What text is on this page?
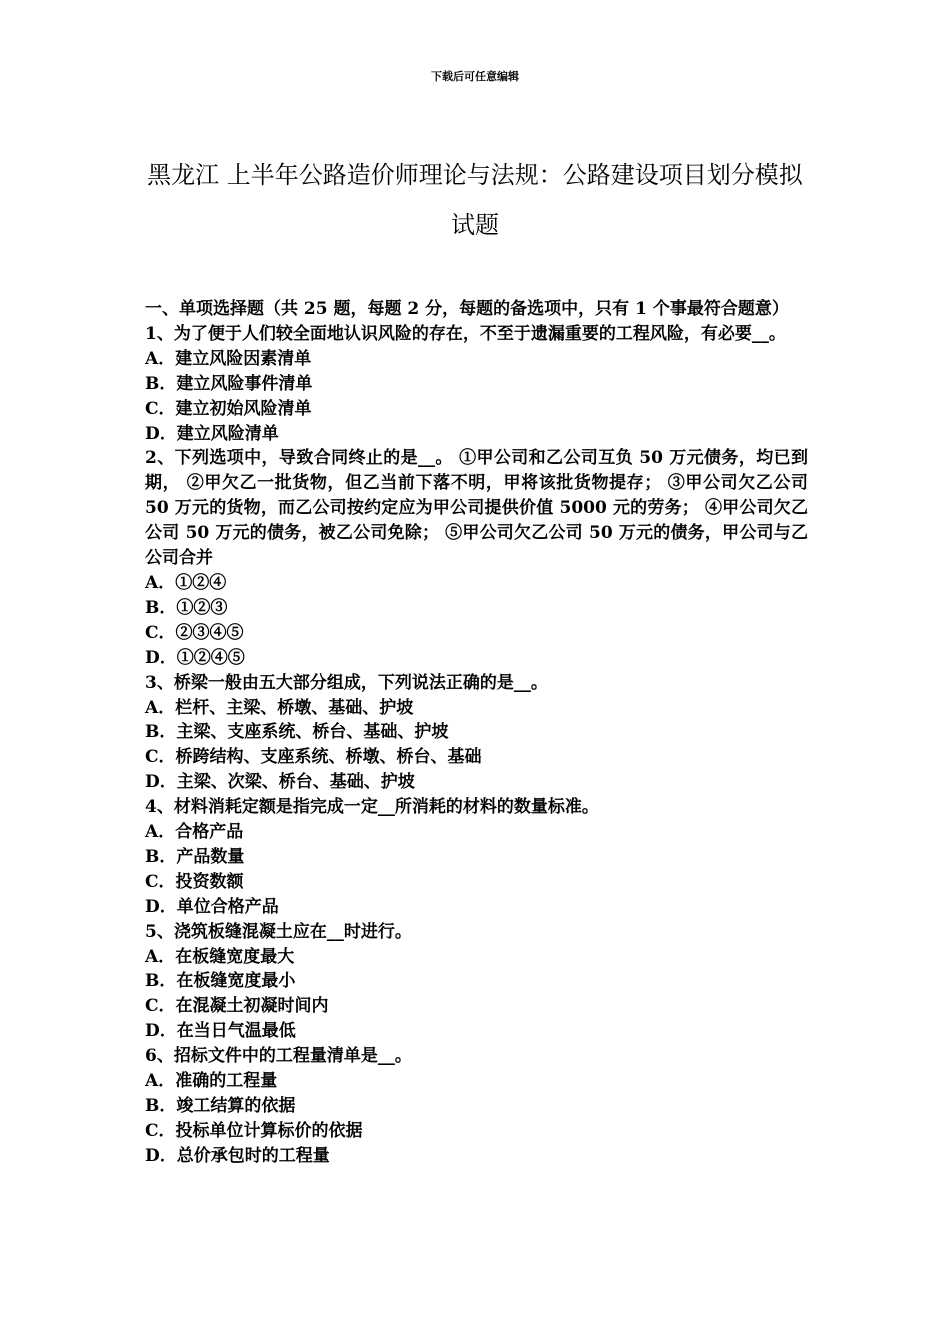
下载后可任意编辑
黑龙江 上半年公路造价师理论与法规：公路建设项目划分模拟试题

一、单项选择题（共 25 题，每题 2 分，每题的备选项中，只有 1 个事最符合题意）

1、为了便于人们较全面地认识风险的存在，不至于遗漏重要的工程风险，有必要__。

A．建立风险因素清单

B．建立风险事件清单

C．建立初始风险清单

D．建立风险清单

2、下列选项中，导致合同终止的是__。 ①甲公司和乙公司互负 50 万元债务，均已到期， ②甲欠乙一批货物，但乙当前下落不明，甲将该批货物提存； ③甲公司欠乙公司 50 万元的货物，而乙公司按约定应为甲公司提供价值 5000 元的劳务； ④甲公司欠乙公司 50 万元的债务，被乙公司免除； ⑤甲公司欠乙公司 50 万元的债务，甲公司与乙公司合并

A．①②④

B．①②③

C．②③④⑤

D．①②④⑤

3、桥梁一般由五大部分组成，下列说法正确的是__。

A．栏杆、主梁、桥墩、基础、护坡

B．主梁、支座系统、桥台、基础、护坡

C．桥跨结构、支座系统、桥墩、桥台、基础

D．主梁、次梁、桥台、基础、护坡

4、材料消耗定额是指完成一定__所消耗的材料的数量标准。

A．合格产品

B．产品数量

C．投资数额

D．单位合格产品

5、浇筑板缝混凝土应在__时进行。

A．在板缝宽度最大

B．在板缝宽度最小

C．在混凝土初凝时间内

D．在当日气温最低

6、招标文件中的工程量清单是__。

A．准确的工程量

B．竣工结算的依据

C．投标单位计算标价的依据

D．总价承包时的工程量
